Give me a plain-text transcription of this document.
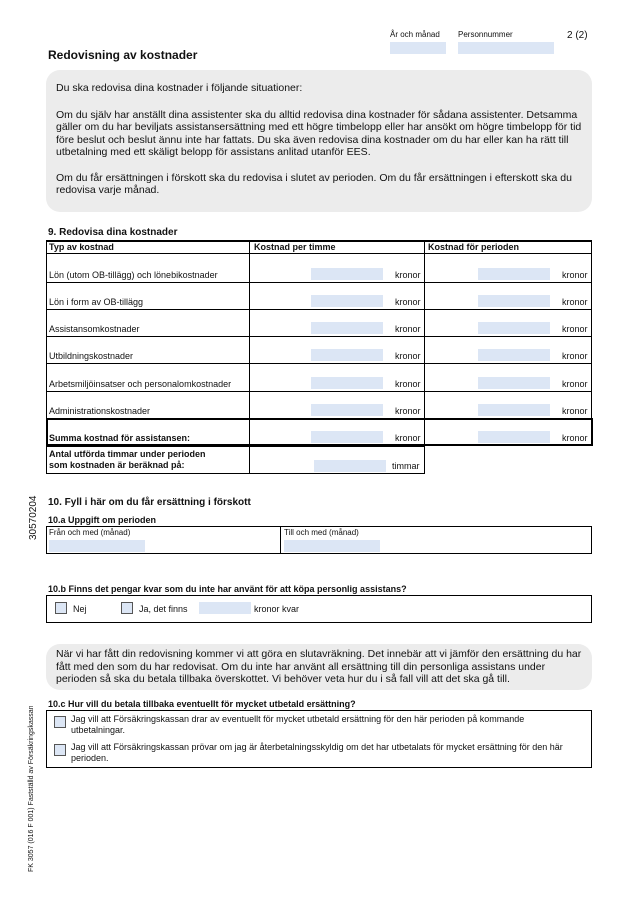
År och månad Personnummer	2 (2)
Redovisning av kostnader

Du ska redovisa dina kostnader i följande situationer:

Om du själv har anställt dina assistenter ska du alltid redovisa dina kostnader för sådana assistenter. Detsamma gäller om du har beviljats assistansersättning med ett högre timbelopp eller har ansökt om högre timbelopp för tid före beslut och beslut ännu inte har fattats. Du ska även redovisa dina kostnader om du har eller kan ha rätt till utbetalning med ett skäligt belopp för assistans anlitad utanför EES.

Om du får ersättningen i förskott ska du redovisa i slutet av perioden. Om du får ersättningen i efterskott ska du redovisa varje månad.

9. Redovisa dina kostnader
Typ av kostnad	Kostnad per timme	Kostnad för perioden
Lön (utom OB-tillägg) och lönebikostnader	kronor	kronor
Lön i form av OB-tillägg	kronor	kronor
Assistansomkostnader	kronor	kronor
Utbildningskostnader	kronor	kronor
Arbetsmiljöinsatser och personalomkostnader	kronor	kronor
Administrationskostnader	kronor	kronor
Summa kostnad för assistansen:	kronor	kronor
Antal utförda timmar under perioden
som kostnaden är beräknad på:	timmar
30570204 10. Fyll i här om du får ersättning i förskott
10.a Uppgift om perioden
Från och med (månad)	Till och med (månad)
10.b Finns det pengar kvar som du inte har använt för att köpa personlig assistans?
Nej	Ja, det finns	kronor kvar

När vi har fått din redovisning kommer vi att göra en slutavräkning. Det innebär att vi jämför den ersättning du har fått med den som du har redovisat. Om du inte har använt all ersättning till din personliga assistans under perioden så ska du betala tillbaka överskottet. Vi behöver veta hur du i så fall vill att det ska gå till.

10.c Hur vill du betala tillbaka eventuellt för mycket utbetald ersättning?
Jag vill att Försäkringskassan drar av eventuellt för mycket utbetald ersättning för den här perioden på kommande utbetalningar.
Jag vill att Försäkringskassan prövar om jag är återbetalningsskyldig om det har utbetalats för mycket ersättning för den här perioden.
FK 3057 (016 F 001) Fastställd av Försäkringskassan
